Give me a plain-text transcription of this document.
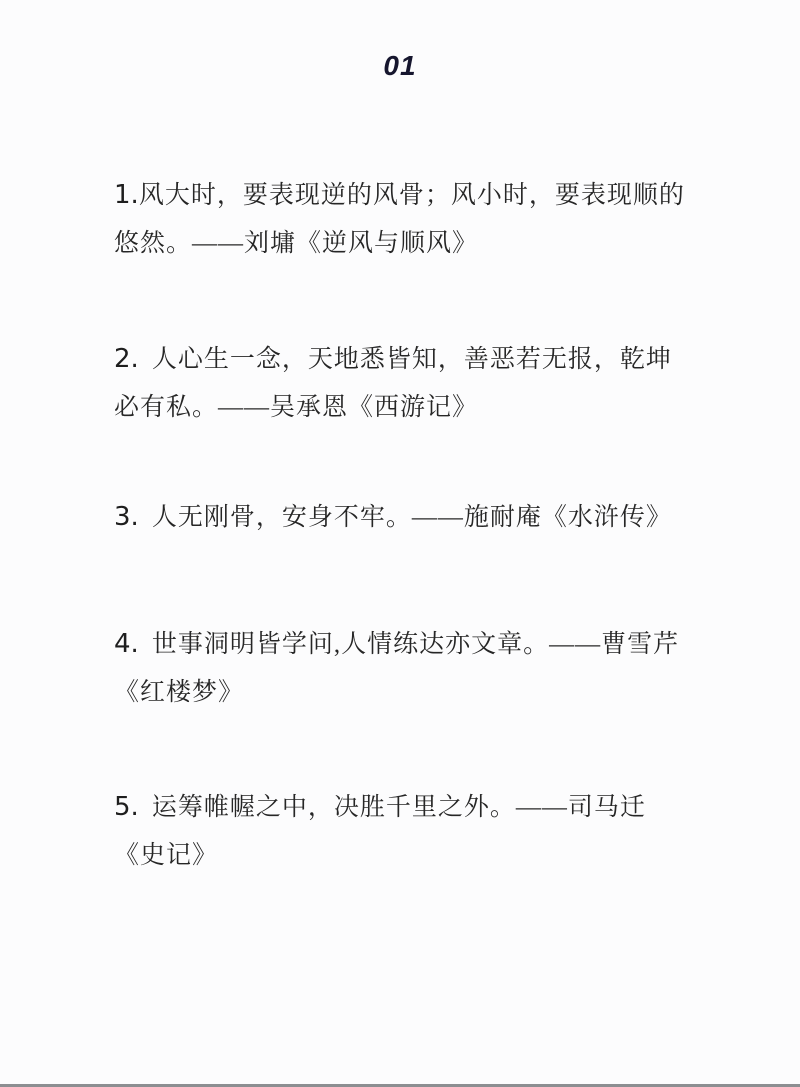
01
1.风大时，要表现逆的风骨；风小时，要表现顺的悠然。——刘墉《逆风与顺风》
2. 人心生一念，天地悉皆知，善恶若无报，乾坤必有私。——吴承恩《西游记》
3. 人无刚骨，安身不牢。——施耐庵《水浒传》
4. 世事洞明皆学问,人情练达亦文章。——曹雪芹《红楼梦》
5. 运筹帷幄之中，决胜千里之外。——司马迁《史记》
